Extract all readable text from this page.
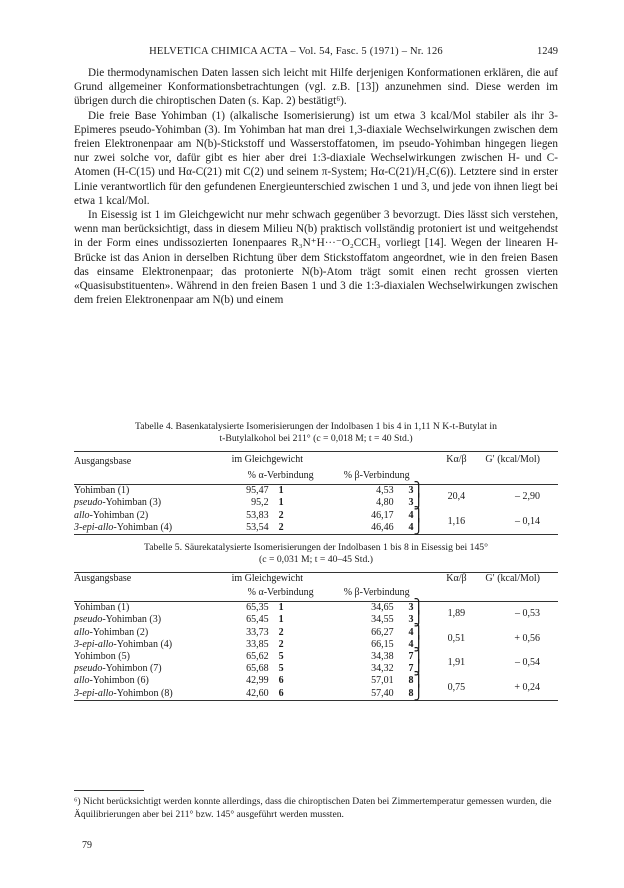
HELVETICA CHIMICA ACTA – Vol. 54, Fasc. 5 (1971) – Nr. 126	1249

Die thermodynamischen Daten lassen sich leicht mit Hilfe derjenigen Konformationen erklären, die auf Grund allgemeiner Konformationsbetrachtungen (vgl. z.B. [13]) anzunehmen sind. Diese werden im übrigen durch die chiroptischen Daten (s. Kap. 2) bestätigt⁶).

Die freie Base Yohimban (1) (alkalische Isomerisierung) ist um etwa 3 kcal/Mol stabiler als ihr 3-Epimeres pseudo-Yohimban (3). Im Yohimban hat man drei 1,3-diaxiale Wechselwirkungen zwischen dem freien Elektronenpaar am N(b)-Stickstoff und Wasserstoffatomen, im pseudo-Yohimban hingegen liegen nur zwei solche vor, dafür gibt es hier aber drei 1:3-diaxiale Wechselwirkungen zwischen H- und C-Atomen (H-C(15) und Hα-C(21) mit C(2) und seinem π-System; Hα-C(21)/H₂C(6)). Letztere sind in erster Linie verantwortlich für den gefundenen Energieunterschied zwischen 1 und 3, und jede von ihnen liegt bei etwa 1 kcal/Mol.

In Eisessig ist 1 im Gleichgewicht nur mehr schwach gegenüber 3 bevorzugt. Dies lässt sich verstehen, wenn man berücksichtigt, dass in diesem Milieu N(b) praktisch vollständig protoniert ist und weitgehendst in der Form eines undissozierten Ionenpaares R₃N⁺H···⁻O₂CCH₃ vorliegt [14]. Wegen der linearen H-Brücke ist das Anion in derselben Richtung über dem Stickstoffatom angeordnet, wie in den freien Basen das einsame Elektronenpaar; das protonierte N(b)-Atom trägt somit einen recht grossen vierten «Quasisubstituenten». Während in den freien Basen 1 und 3 die 1:3-diaxialen Wechselwirkungen zwischen dem freien Elektronenpaar am N(b) und einem

Tabelle 4. Basenkatalysierte Isomerisierungen der Indolbasen 1 bis 4 in 1,11 N K-t-Butylat in
t-Butylalkohol bei 211° (c = 0,018 M; t = 40 Std.)
Ausgangsbase	im Gleichgewicht					Kα/β	G′ (kcal/Mol)
	% α-Verbindung		% β-Verbindung				
Yohimban (1)	95,47	1	4,53	3	⎫	20,4	– 2,90
pseudo-Yohimban (3)	95,2	1	4,80	3	⎭		
allo-Yohimban (2)	53,83	2	46,17	4	⎫	1,16	– 0,14
3-epi-allo-Yohimban (4)	53,54	2	46,46	4	⎭		
Tabelle 5. Säurekatalysierte Isomerisierungen der Indolbasen 1 bis 8 in Eisessig bei 145°
(c = 0,031 M; t = 40–45 Std.)
Ausgangsbase	im Gleichgewicht					Kα/β	G′ (kcal/Mol)
	% α-Verbindung		% β-Verbindung				
Yohimban (1)	65,35	1	34,65	3	⎫	1,89	– 0,53
pseudo-Yohimban (3)	65,45	1	34,55	3	⎭		
allo-Yohimban (2)	33,73	2	66,27	4	⎫	0,51	+ 0,56
3-epi-allo-Yohimban (4)	33,85	2	66,15	4	⎭		
Yohimbon (5)	65,62	5	34,38	7	⎫	1,91	– 0,54
pseudo-Yohimbon (7)	65,68	5	34,32	7	⎭		
allo-Yohimbon (6)	42,99	6	57,01	8	⎫	0,75	+ 0,24
3-epi-allo-Yohimbon (8)	42,60	6	57,40	8	⎭		
⁶) Nicht berücksichtigt werden konnte allerdings, dass die chiroptischen Daten bei Zimmertemperatur gemessen wurden, die Äquilibrierungen aber bei 211° bzw. 145° ausgeführt werden mussten.
79
